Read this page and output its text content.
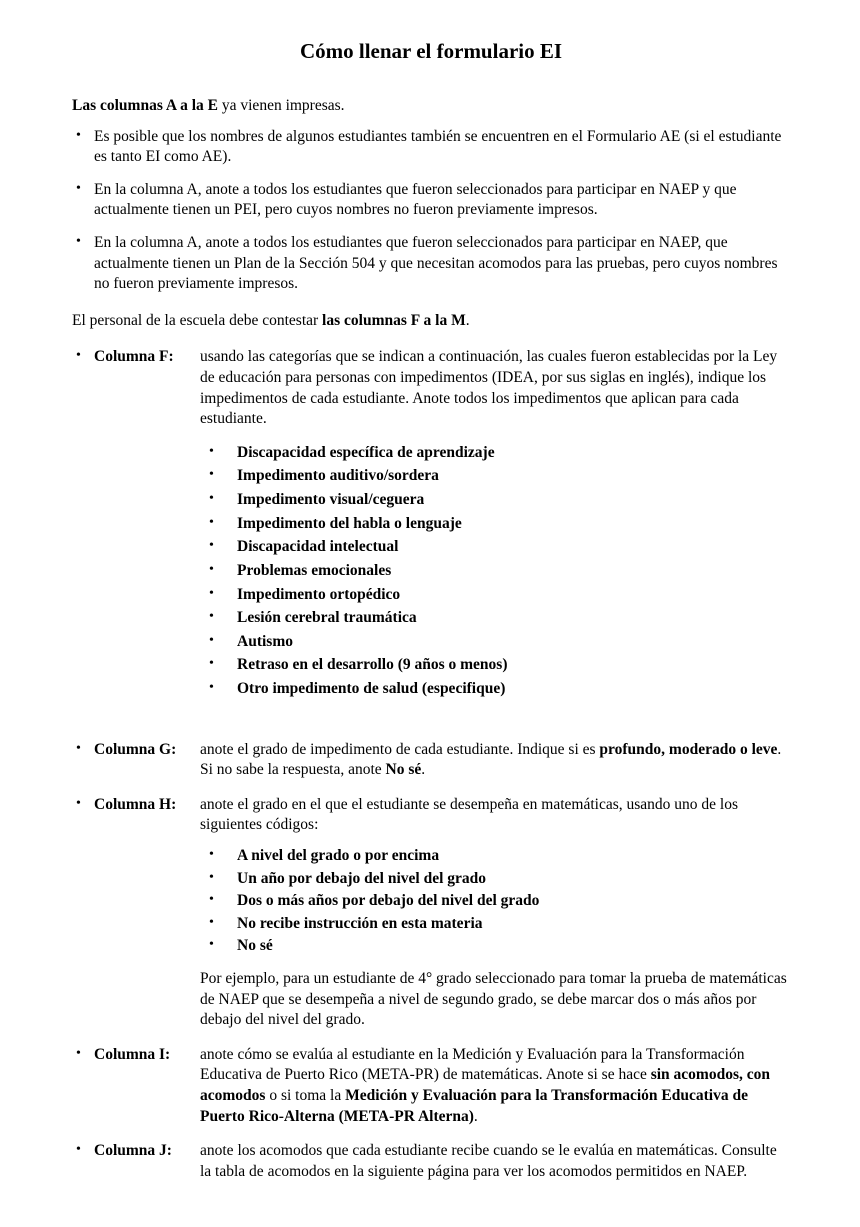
Cómo llenar el formulario EI

Las columnas A a la E ya vienen impresas.

• Es posible que los nombres de algunos estudiantes también se encuentren en el Formulario AE (si el estudiante es tanto EI como AE).
• En la columna A, anote a todos los estudiantes que fueron seleccionados para participar en NAEP y que actualmente tienen un PEI, pero cuyos nombres no fueron previamente impresos.
• En la columna A, anote a todos los estudiantes que fueron seleccionados para participar en NAEP, que actualmente tienen un Plan de la Sección 504 y que necesitan acomodos para las pruebas, pero cuyos nombres no fueron previamente impresos.

El personal de la escuela debe contestar las columnas F a la M.

• Columna F:	usando las categorías que se indican a continuación, las cuales fueron establecidas por la Ley de educación para personas con impedimentos (IDEA, por sus siglas en inglés), indique los impedimentos de cada estudiante. Anote todos los impedimentos que aplican para cada estudiante.
•	Discapacidad específica de aprendizaje
•	Impedimento auditivo/sordera
•	Impedimento visual/ceguera
•	Impedimento del habla o lenguaje
•	Discapacidad intelectual
•	Problemas emocionales
•	Impedimento ortopédico
•	Lesión cerebral traumática
•	Autismo
•	Retraso en el desarrollo (9 años o menos)
•	Otro impedimento de salud (especifique)
• Columna G:	anote el grado de impedimento de cada estudiante. Indique si es profundo, moderado o leve. Si no sabe la respuesta, anote No sé.
• Columna H:	anote el grado en el que el estudiante se desempeña en matemáticas, usando uno de los siguientes códigos:
•	A nivel del grado o por encima
•	Un año por debajo del nivel del grado
•	Dos o más años por debajo del nivel del grado
•	No recibe instrucción en esta materia
•	No sé
Por ejemplo, para un estudiante de 4° grado seleccionado para tomar la prueba de matemáticas de NAEP que se desempeña a nivel de segundo grado, se debe marcar dos o más años por debajo del nivel del grado.
• Columna I:	anote cómo se evalúa al estudiante en la Medición y Evaluación para la Transformación Educativa de Puerto Rico (META-PR) de matemáticas. Anote si se hace sin acomodos, con acomodos o si toma la Medición y Evaluación para la Transformación Educativa de Puerto Rico-Alterna (META-PR Alterna).
• Columna J:	anote los acomodos que cada estudiante recibe cuando se le evalúa en matemáticas. Consulte la tabla de acomodos en la siguiente página para ver los acomodos permitidos en NAEP.
